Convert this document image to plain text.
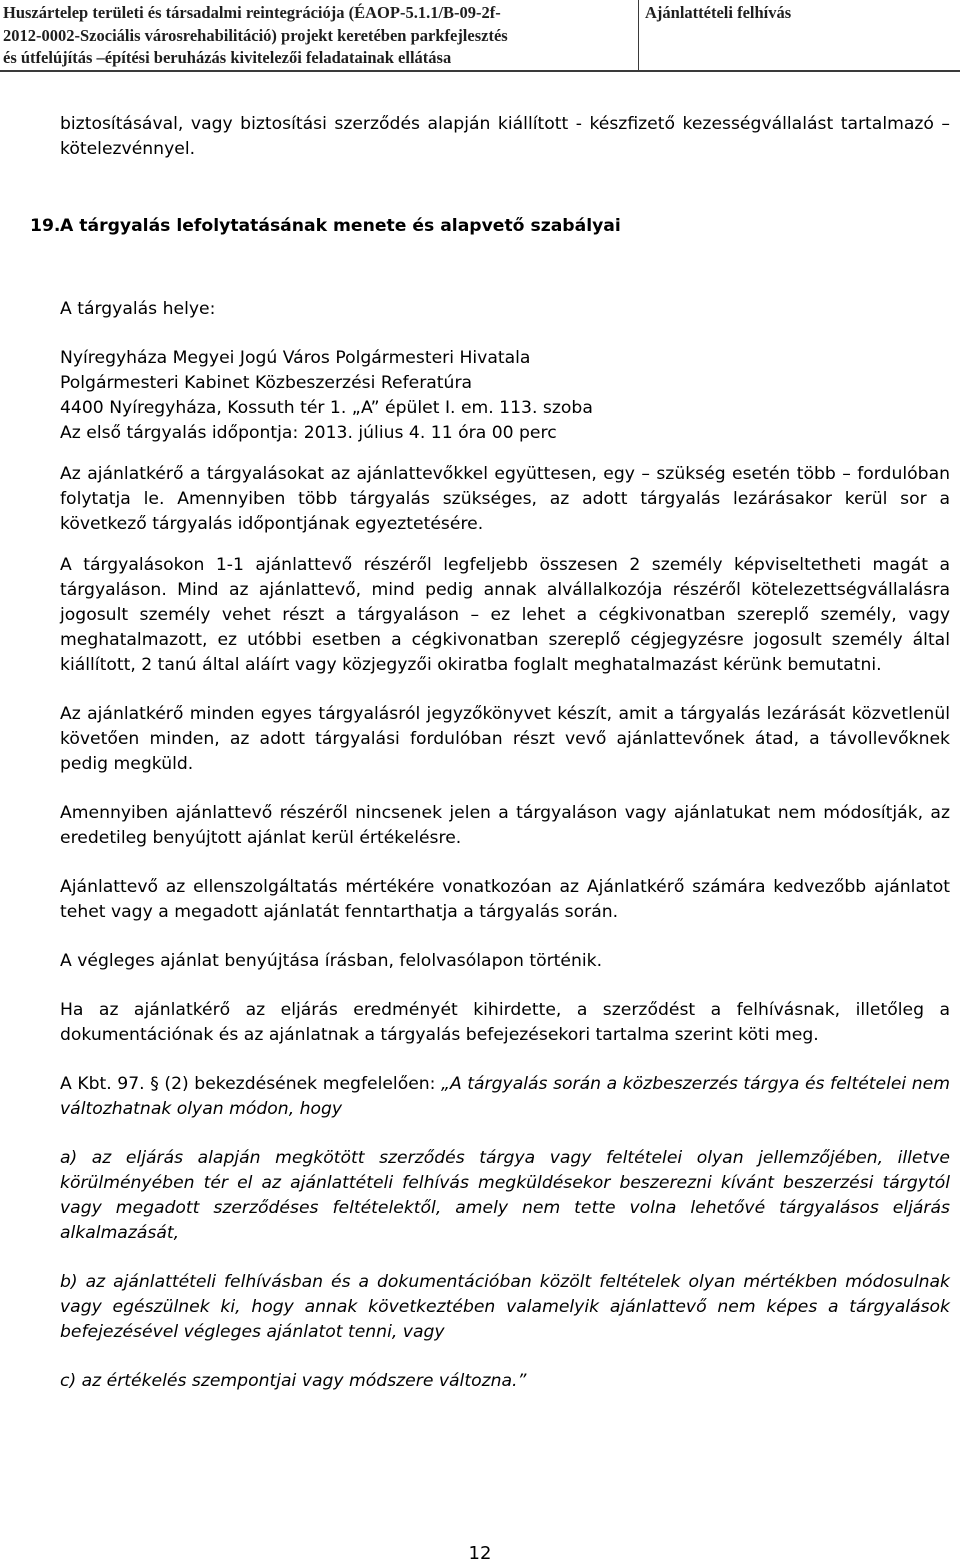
Huszártelep területi és társadalmi reintegrációja (ÉAOP-5.1.1/B-09-2f-
2012-0002-Szociális városrehabilitáció) projekt keretében parkfejlesztés
és útfelújítás –építési beruházás kivitelezői feladatainak ellátása
Ajánlattételi felhívás

biztosításával, vagy biztosítási szerződés alapján kiállított - készfizető kezességvállalást tartalmazó – kötelezvénnyel.

19. A tárgyalás lefolytatásának menete és alapvető szabályai

A tárgyalás helye:

Nyíregyháza Megyei Jogú Város Polgármesteri Hivatala
Polgármesteri Kabinet Közbeszerzési Referatúra
4400 Nyíregyháza, Kossuth tér 1. „A” épület I. em. 113. szoba
Az első tárgyalás időpontja: 2013. július 4. 11 óra 00 perc

Az ajánlatkérő a tárgyalásokat az ajánlattevőkkel együttesen, egy – szükség esetén több – fordulóban folytatja le. Amennyiben több tárgyalás szükséges, az adott tárgyalás lezárásakor kerül sor a következő tárgyalás időpontjának egyeztetésére.

A tárgyalásokon 1-1 ajánlattevő részéről legfeljebb összesen 2 személy képviseltetheti magát a tárgyaláson. Mind az ajánlattevő, mind pedig annak alvállalkozója részéről kötelezettségvállalásra jogosult személy vehet részt a tárgyaláson – ez lehet a cégkivonatban szereplő személy, vagy meghatalmazott, ez utóbbi esetben a cégkivonatban szereplő cégjegyzésre jogosult személy által kiállított, 2 tanú által aláírt vagy közjegyzői okiratba foglalt meghatalmazást kérünk bemutatni.

Az ajánlatkérő minden egyes tárgyalásról jegyzőkönyvet készít, amit a tárgyalás lezárását közvetlenül követően minden, az adott tárgyalási fordulóban részt vevő ajánlattevőnek átad, a távollevőknek pedig megküld.

Amennyiben ajánlattevő részéről nincsenek jelen a tárgyaláson vagy ajánlatukat nem módosítják, az eredetileg benyújtott ajánlat kerül értékelésre.

Ajánlattevő az ellenszolgáltatás mértékére vonatkozóan az Ajánlatkérő számára kedvezőbb ajánlatot tehet vagy a megadott ajánlatát fenntarthatja a tárgyalás során.

A végleges ajánlat benyújtása írásban, felolvasólapon történik.

Ha az ajánlatkérő az eljárás eredményét kihirdette, a szerződést a felhívásnak, illetőleg a dokumentációnak és az ajánlatnak a tárgyalás befejezésekori tartalma szerint köti meg.

A Kbt. 97. § (2) bekezdésének megfelelően: „A tárgyalás során a közbeszerzés tárgya és feltételei nem változhatnak olyan módon, hogy

a) az eljárás alapján megkötött szerződés tárgya vagy feltételei olyan jellemzőjében, illetve körülményében tér el az ajánlattételi felhívás megküldésekor beszerezni kívánt beszerzési tárgytól vagy megadott szerződéses feltételektől, amely nem tette volna lehetővé tárgyalásos eljárás alkalmazását,

b) az ajánlattételi felhívásban és a dokumentációban közölt feltételek olyan mértékben módosulnak vagy egészülnek ki, hogy annak következtében valamelyik ajánlattevő nem képes a tárgyalások befejezésével végleges ajánlatot tenni, vagy

c) az értékelés szempontjai vagy módszere változna.”

12
